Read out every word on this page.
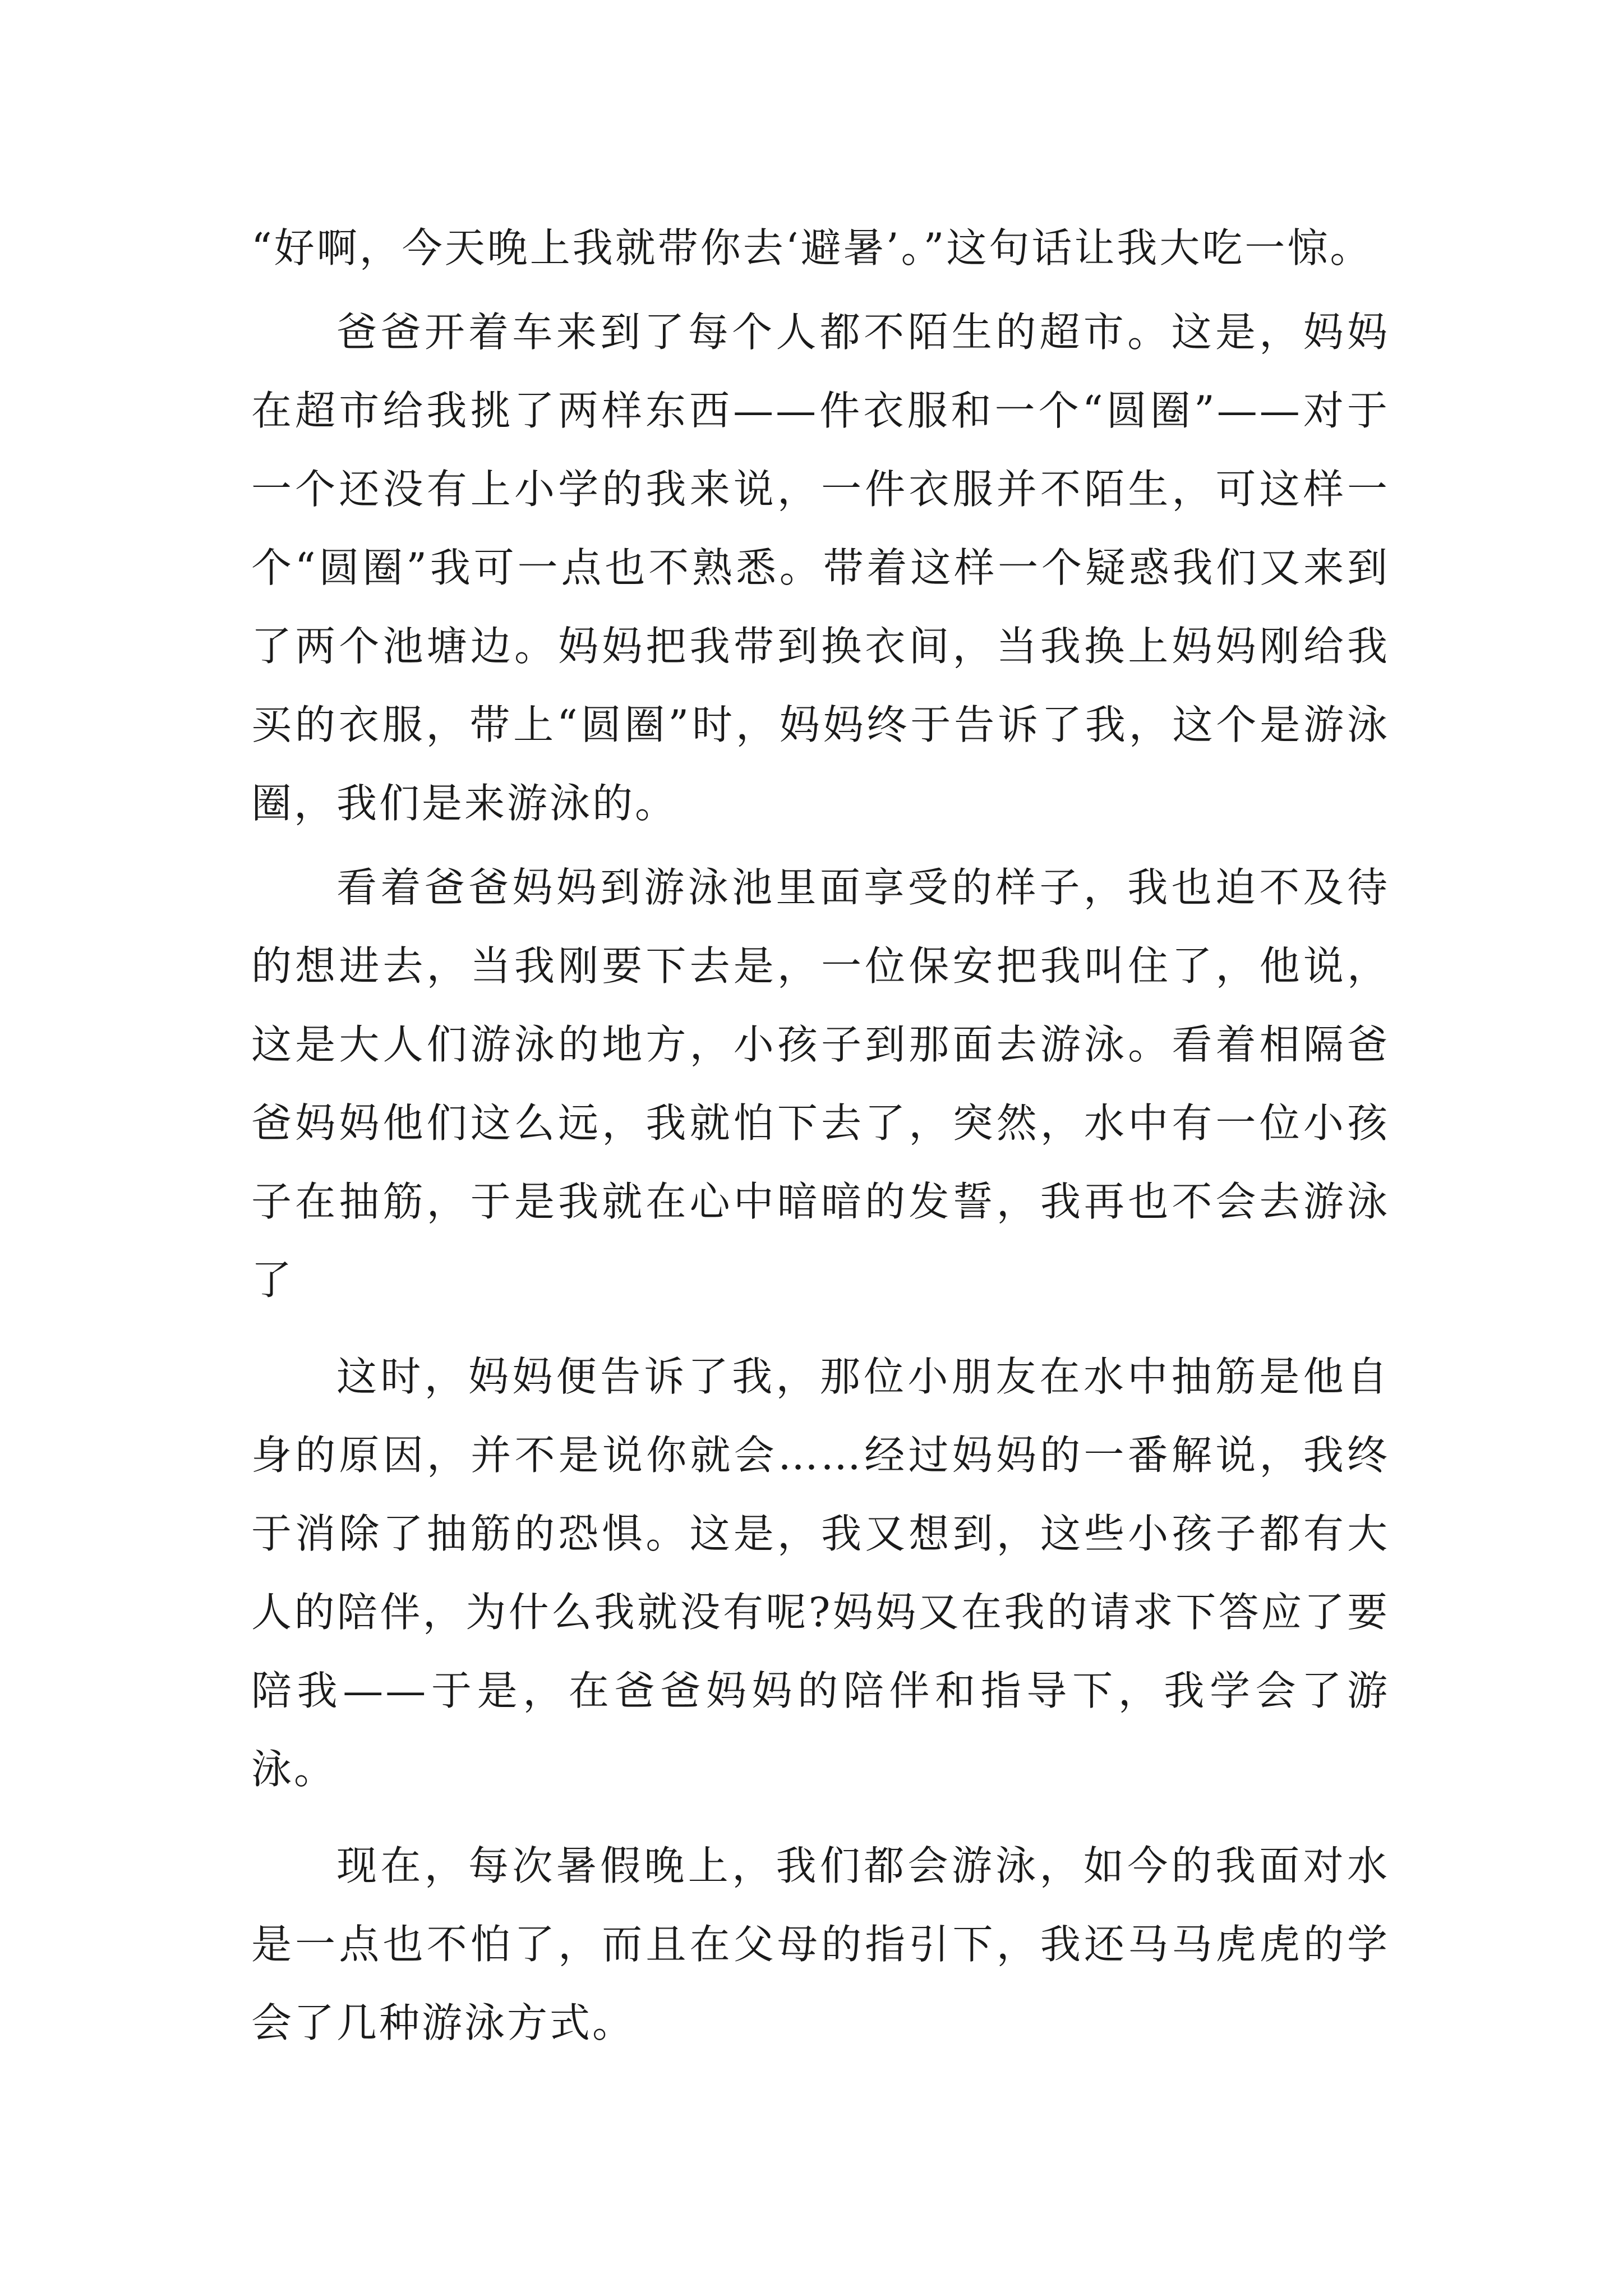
“好啊，今天晚上我就带你去‘避暑’。”这句话让我大吃一惊。

爸爸开着车来到了每个人都不陌生的超市。这是，妈妈在超市给我挑了两样东西——件衣服和一个“圆圈”——对于一个还没有上小学的我来说，一件衣服并不陌生，可这样一个“圆圈”我可一点也不熟悉。带着这样一个疑惑我们又来到了两个池塘边。妈妈把我带到换衣间，当我换上妈妈刚给我买的衣服，带上“圆圈”时，妈妈终于告诉了我，这个是游泳圈，我们是来游泳的。

看着爸爸妈妈到游泳池里面享受的样子，我也迫不及待的想进去，当我刚要下去是，一位保安把我叫住了，他说，这是大人们游泳的地方，小孩子到那面去游泳。看着相隔爸爸妈妈他们这么远，我就怕下去了，突然，水中有一位小孩子在抽筋，于是我就在心中暗暗的发誓，我再也不会去游泳了

这时，妈妈便告诉了我，那位小朋友在水中抽筋是他自身的原因，并不是说你就会……经过妈妈的一番解说，我终于消除了抽筋的恐惧。这是，我又想到，这些小孩子都有大人的陪伴，为什么我就没有呢?妈妈又在我的请求下答应了要陪我——于是，在爸爸妈妈的陪伴和指导下，我学会了游泳。

现在，每次暑假晚上，我们都会游泳，如今的我面对水是一点也不怕了，而且在父母的指引下，我还马马虎虎的学会了几种游泳方式。
